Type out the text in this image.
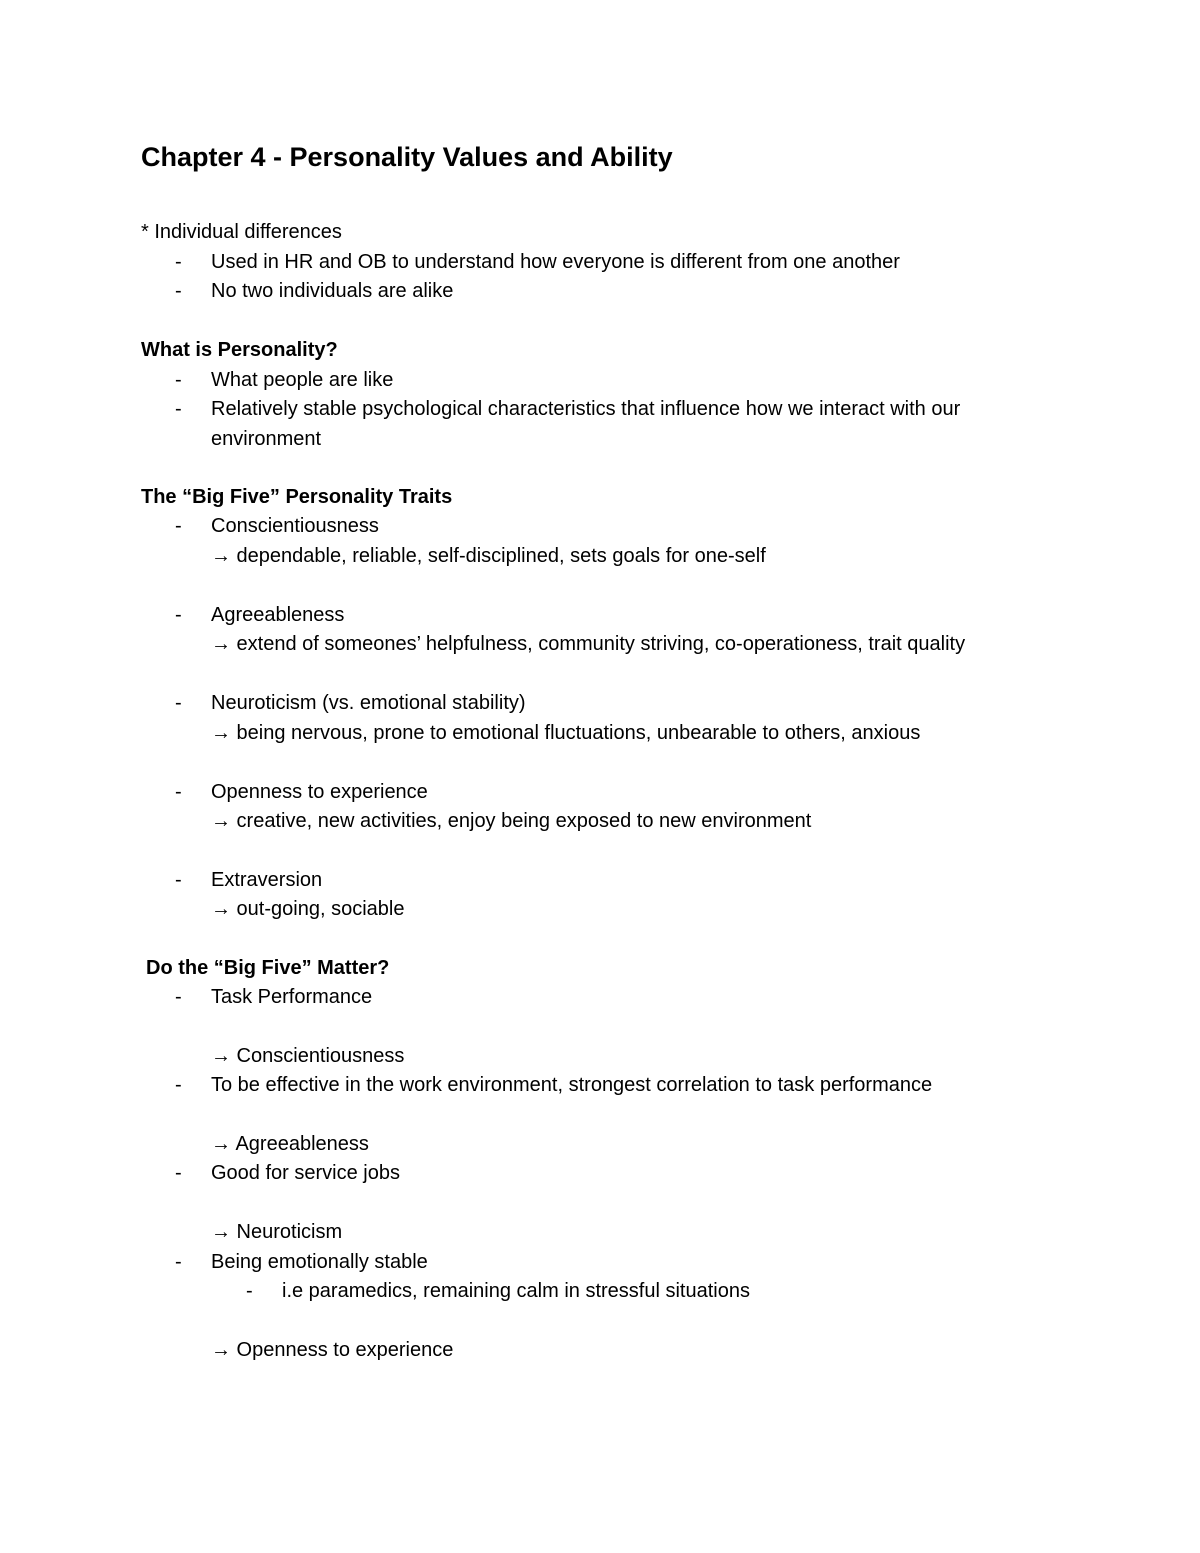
Chapter 4 - Personality Values and Ability
* Individual differences
- Used in HR and OB to understand how everyone is different from one another
- No two individuals are alike
What is Personality?
- What people are like
- Relatively stable psychological characteristics that influence how we interact with our
environment
The “Big Five” Personality Traits
- Conscientiousness
→ dependable, reliable, self-disciplined, sets goals for one-self
- Agreeableness
→ extend of someones’ helpfulness, community striving, co-operationess, trait quality
- Neuroticism (vs. emotional stability)
→ being nervous, prone to emotional fluctuations, unbearable to others, anxious
- Openness to experience
→ creative, new activities, enjoy being exposed to new environment
- Extraversion
→ out-going, sociable
Do the “Big Five” Matter?
- Task Performance
→ Conscientiousness
- To be effective in the work environment, strongest correlation to task performance
→ Agreeableness
- Good for service jobs
→ Neuroticism
- Being emotionally stable
- i.e paramedics, remaining calm in stressful situations
→ Openness to experience
